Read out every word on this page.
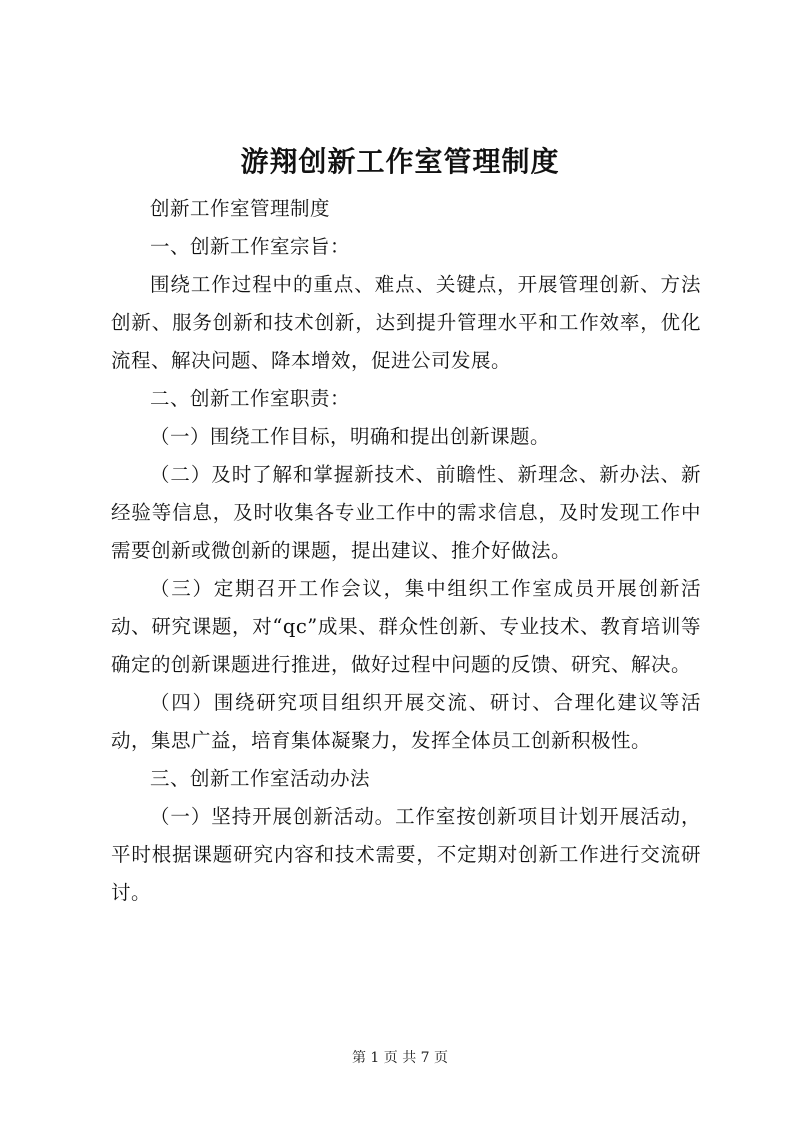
游翔创新工作室管理制度

创新工作室管理制度

一、创新工作室宗旨：

围绕工作过程中的重点、难点、关键点，开展管理创新、方法创新、服务创新和技术创新，达到提升管理水平和工作效率，优化流程、解决问题、降本增效，促进公司发展。

二、创新工作室职责：

（一）围绕工作目标，明确和提出创新课题。

（二）及时了解和掌握新技术、前瞻性、新理念、新办法、新经验等信息，及时收集各专业工作中的需求信息，及时发现工作中需要创新或微创新的课题，提出建议、推介好做法。

（三）定期召开工作会议，集中组织工作室成员开展创新活动、研究课题，对“qc”成果、群众性创新、专业技术、教育培训等确定的创新课题进行推进，做好过程中问题的反馈、研究、解决。

（四）围绕研究项目组织开展交流、研讨、合理化建议等活动，集思广益，培育集体凝聚力，发挥全体员工创新积极性。

三、创新工作室活动办法

（一）坚持开展创新活动。工作室按创新项目计划开展活动，平时根据课题研究内容和技术需要，不定期对创新工作进行交流研讨。

第 1 页 共 7 页
